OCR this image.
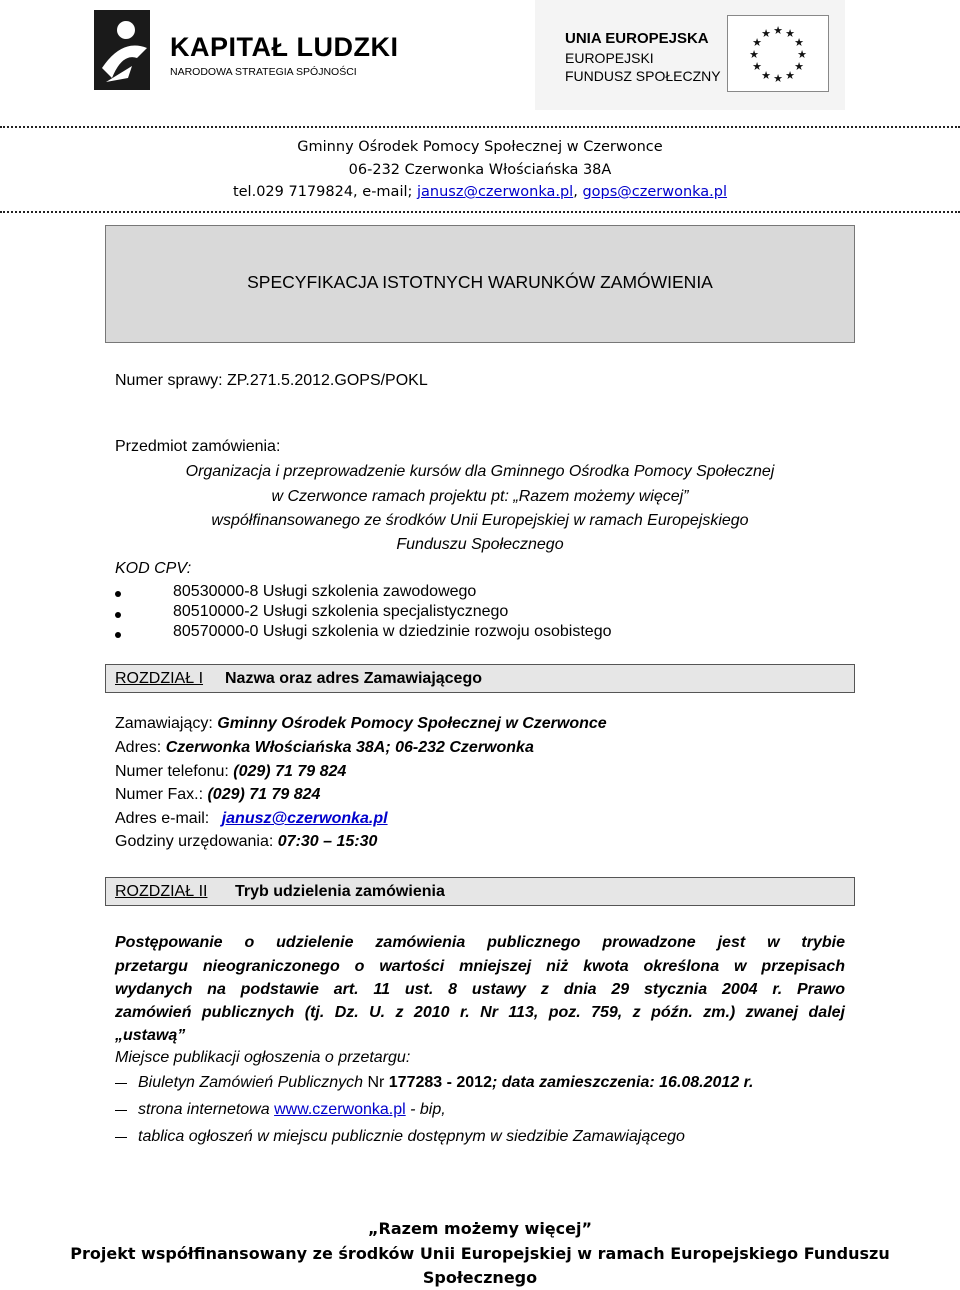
KAPITAŁ LUDZKI
NARODOWA STRATEGIA SPÓJNOŚCI
UNIA EUROPEJSKA
EUROPEJSKI
FUNDUSZ SPOŁECZNY
★ ★
★
★
★
★
★
★
★
★
★
★
Gminny Ośrodek Pomocy Społecznej w Czerwonce
06-232 Czerwonka Włościańska 38A
tel.029 7179824, e-mail; janusz@czerwonka.pl, gops@czerwonka.pl
SPECYFIKACJA ISTOTNYCH WARUNKÓW ZAMÓWIENIA
Numer sprawy: ZP.271.5.2012.GOPS/POKL
Przedmiot zamówienia:
Organizacja i przeprowadzenie kursów dla Gminnego Ośrodka Pomocy Społecznej
w Czerwonce ramach projektu pt: „Razem możemy więcej”
współfinansowanego ze środków Unii Europejskiej w ramach Europejskiego
Funduszu Społecznego
KOD CPV:
80530000-8 Usługi szkolenia zawodowego
80510000-2 Usługi szkolenia specjalistycznego
80570000-0 Usługi szkolenia w dziedzinie rozwoju osobistego
ROZDZIAŁ I Nazwa oraz adres Zamawiającego
Zamawiający: Gminny Ośrodek Pomocy Społecznej w Czerwonce
Adres: Czerwonka Włościańska 38A; 06-232 Czerwonka
Numer telefonu: (029) 71 79 824
Numer Fax.: (029) 71 79 824
Adres e-mail: janusz@czerwonka.pl
Godziny urzędowania: 07:30 – 15:30
ROZDZIAŁ II Tryb udzielenia zamówienia
Postępowanie o udzielenie zamówienia publicznego prowadzone jest w trybie
przetargu nieograniczonego o wartości mniejszej niż kwota określona w przepisach
wydanych na podstawie art. 11 ust. 8 ustawy z dnia 29 stycznia 2004 r. Prawo
zamówień publicznych (tj. Dz. U. z 2010 r. Nr 113, poz. 759, z późn. zm.) zwanej dalej
„ustawą”
Miejsce publikacji ogłoszenia o przetargu:
Biuletyn Zamówień Publicznych Nr 177283 - 2012; data zamieszczenia: 16.08.2012 r.
strona internetowa www.czerwonka.pl - bip,
tablica ogłoszeń w miejscu publicznie dostępnym w siedzibie Zamawiającego
„Razem możemy więcej”
Projekt współfinansowany ze środków Unii Europejskiej w ramach Europejskiego Funduszu
Społecznego
